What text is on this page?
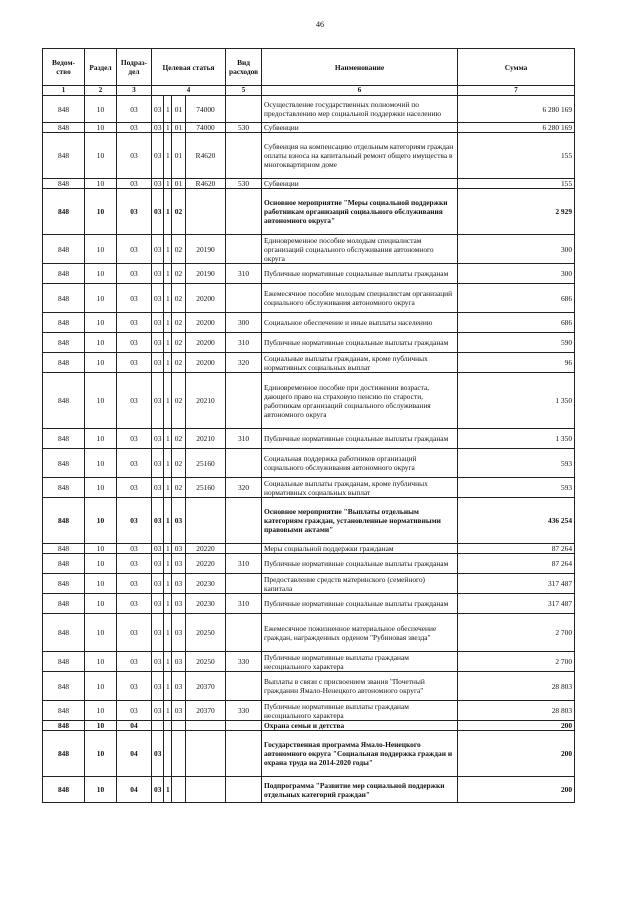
46
Ведом-ство	Раздел	Подраз-дел	Целевая статья				Вид расходов	Наименование	Сумма
1	2	3	4				5	6	7
848	10	03	03	1	01	74000		Осуществление государственных полномочий по предоставлению мер социальной поддержки населению	6 280 169
848	10	03	03	1	01	74000	530	Субвенции	6 280 169
848	10	03	03	1	01	R4620		Субвенция на компенсацию отдельным категориям граждан оплаты взноса на капитальный ремонт общего имущества в многоквартирном доме	155
848	10	03	03	1	01	R4620	530	Субвенции	155
848	10	03	03	1	02			Основное мероприятие "Меры социальной поддержки работникам организаций социального обслуживания автономного округа"	2 929
848	10	03	03	1	02	20190		Единовременное пособие молодым специалистам организаций социального обслуживания автономного округа	300
848	10	03	03	1	02	20190	310	Публичные нормативные социальные выплаты гражданам	300
848	10	03	03	1	02	20200		Ежемесячное пособие молодым специалистам организаций социального обслуживания автономного округа	686
848	10	03	03	1	02	20200	300	Социальное обеспечение и иные выплаты населению	686
848	10	03	03	1	02	20200	310	Публичные нормативные социальные выплаты гражданам	590
848	10	03	03	1	02	20200	320	Социальные выплаты гражданам, кроме публичных нормативных социальных выплат	96
848	10	03	03	1	02	20210		Единовременное пособие при достижении возраста, дающего право на страховую пенсию по старости, работникам организаций социального обслуживания автономного округа	1 350
848	10	03	03	1	02	20210	310	Публичные нормативные социальные выплаты гражданам	1 350
848	10	03	03	1	02	25160		Социальная поддержка работников организаций социального обслуживания автономного округа	593
848	10	03	03	1	02	25160	320	Социальные выплаты гражданам, кроме публичных нормативных социальных выплат	593
848	10	03	03	1	03			Основное мероприятие "Выплаты отдельным категориям граждан, установленные нормативными правовыми актами"	436 254
848	10	03	03	1	03	20220		Меры социальной поддержки гражданам	87 264
848	10	03	03	1	03	20220	310	Публичные нормативные социальные выплаты гражданам	87 264
848	10	03	03	1	03	20230		Предоставление средств материнского (семейного) капитала	317 487
848	10	03	03	1	03	20230	310	Публичные нормативные социальные выплаты гражданам	317 487
848	10	03	03	1	03	20250		Ежемесячное пожизненное материальное обеспечение граждан, награжденных орденом "Рубиновая звезда"	2 700
848	10	03	03	1	03	20250	330	Публичные нормативные выплаты гражданам несоциального характера	2 700
848	10	03	03	1	03	20370		Выплаты в связи с присвоением звания "Почетный гражданин Ямало-Ненецкого автономного округа"	28 803
848	10	03	03	1	03	20370	330	Публичные нормативные выплаты гражданам несоциального характера	28 803
848	10	04						Охрана семьи и детства	200
848	10	04	03					Государственная программа Ямало-Ненецкого автономного округа "Социальная поддержка граждан и охрана труда на 2014-2020 годы"	200
848	10	04	03	1				Подпрограмма "Развитие мер социальной поддержки отдельных категорий граждан"	200
